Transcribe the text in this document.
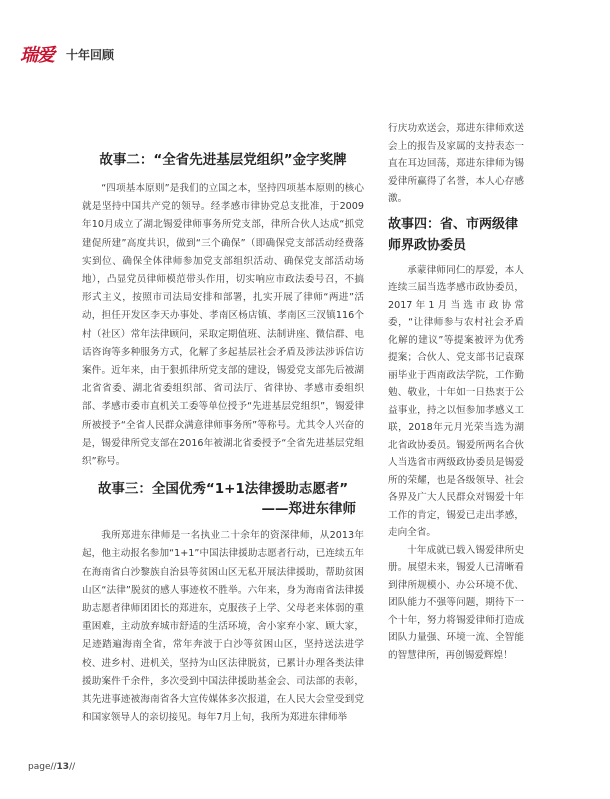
瑞爱 十年回顾
故事二：“全省先进基层党组织”金字奖牌

“四项基本原则”是我们的立国之本，坚持四项基本原则的核心就是坚持中国共产党的领导。经孝感市律协党总支批准，于2009年10月成立了湖北锡爱律师事务所党支部，律所合伙人达成“抓党建促所建”高度共识，做到“三个确保”（即确保党支部活动经费落实到位、确保全体律师参加党支部组织活动、确保党支部活动场地），凸显党员律师模范带头作用，切实响应市政法委号召，不搞形式主义，按照市司法局安排和部署，扎实开展了律师“两进”活动，担任开发区李天办事处、孝南区杨店镇、孝南区三汊镇116个村（社区）常年法律顾问，采取定期值班、法制讲座、微信群、电话咨询等多种服务方式，化解了多起基层社会矛盾及涉法涉诉信访案件。近年来，由于狠抓律所党支部的建设，锡爱党支部先后被湖北省省委、湖北省委组织部、省司法厅、省律协、孝感市委组织部、孝感市委市直机关工委等单位授予“先进基层党组织”，锡爱律所被授予“全省人民群众满意律师事务所”等称号。尤其令人兴奋的是，锡爱律所党支部在2016年被湖北省委授予“全省先进基层党组织”称号。

故事三：全国优秀“1+1法律援助志愿者”

——郑进东律师

我所郑进东律师是一名执业二十余年的资深律师，从2013年起，他主动报名参加“1+1”中国法律援助志愿者行动，已连续五年在海南省白沙黎族自治县等贫困山区无私开展法律援助，帮助贫困山区“法律”脱贫的感人事迹枚不胜举。六年来，身为海南省法律援助志愿者律师团团长的郑进东，克服孩子上学、父母老来体弱的重重困难，主动放弃城市舒适的生活环境，舍小家弃小家、顾大家，足迹踏遍海南全省，常年奔波于白沙等贫困山区，坚持送法进学校、进乡村、进机关，坚持为山区法律脱贫，已累计办理各类法律援助案件千余件，多次受到中国法律援助基金会、司法部的表彰，其先进事迹被海南省各大宣传媒体多次报道，在人民大会堂受到党和国家领导人的亲切接见。每年7月上旬，我所为郑进东律师举

行庆功欢送会，郑进东律师欢送会上的报告及家属的支持表态一直在耳边回荡，郑进东律师为锡爱律所赢得了名誉，本人心存感激。

故事四：省、市两级律师界政协委员

承蒙律师同仁的厚爱，本人连续三届当选孝感市政协委员，2017年1月当选市政协常委，“让律师参与农村社会矛盾化解的建议”等提案被评为优秀提案；合伙人、党支部书记袁琛丽毕业于西南政法学院，工作勤勉、敬业，十年如一日热衷于公益事业，持之以恒参加孝感义工联，2018年元月光荣当选为湖北省政协委员。锡爱所两名合伙人当选省市两级政协委员是锡爱所的荣耀，也是各级领导、社会各界及广大人民群众对锡爱十年工作的肯定，锡爱已走出孝感，走向全省。

十年成就已载入锡爱律所史册。展望未来，锡爱人已清晰看到律所规模小、办公环境不优、团队能力不强等问题，期待下一个十年，努力将锡爱律师打造成团队力量强、环境一流、全智能的智慧律所，再创锡爱辉煌！

page//13//
